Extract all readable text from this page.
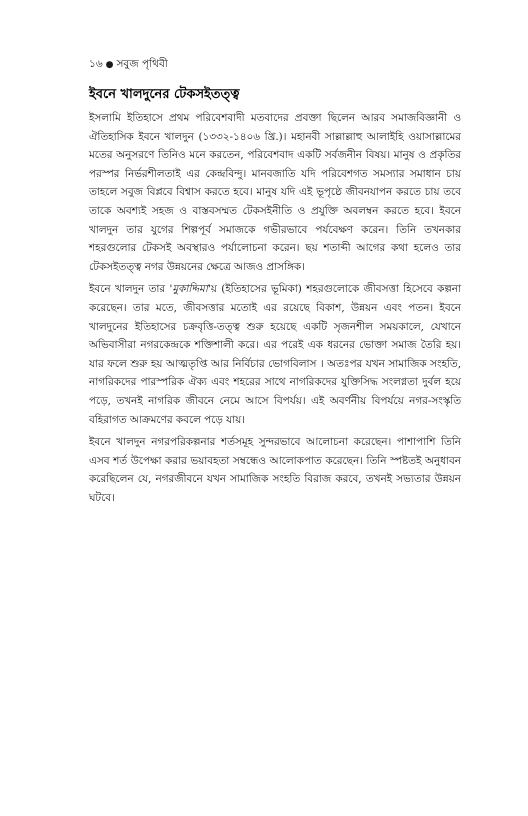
১৬ ● সবুজ পৃথিবী
ইবনে খালদুনের টেকসইতত্ত্ব

ইসলামি ইতিহাসে প্রথম পরিবেশবাদী মতবাদের প্রবক্তা ছিলেন আরব সমাজবিজ্ঞানী ও ঐতিহাসিক ইবনে খালদুন (১৩৩২-১৪০৬ খ্রি.)। মহানবী সাল্লাল্লাহু আলাইহি ওয়াসাল্লামের মতের অনুসরণে তিনিও মনে করতেন, পরিবেশবাদ একটি সর্বজনীন বিষয়। মানুষ ও প্রকৃতির পরস্পর নির্ভরশীলতাই এর কেন্দ্রবিন্দু। মানবজাতি যদি পরিবেশগত সমস্যার সমাধান চায় তাহলে সবুজ বিপ্লবে বিশ্বাস করতে হবে। মানুষ যদি এই ভূপৃষ্ঠে জীবনযাপন করতে চায় তবে তাকে অবশ্যই সহজ ও বাস্তবসম্মত টেকসইনীতি ও প্রযুক্তি অবলম্বন করতে হবে। ইবনে খালদুন তার যুগের শিল্পপূর্ব সমাজকে গভীরভাবে পর্যবেক্ষণ করেন। তিনি তখনকার শহরগুলোর টেকসই অবস্থারও পর্যালোচনা করেন। ছয় শতাব্দী আগের কথা হলেও তার টেকসইতত্ত্ব নগর উন্নয়নের ক্ষেত্রে আজও প্রাসঙ্গিক।

ইবনে খালদুন তার 'মুকাদ্দিমা'য় (ইতিহাসের ভূমিকা) শহরগুলোকে জীবসত্তা হিসেবে কল্পনা করেছেন। তার মতে, জীবসত্তার মতোই এর রয়েছে বিকাশ, উন্নয়ন এবং পতন। ইবনে খালদুনের ইতিহাসের চক্রবৃত্তি-তত্ত্ব শুরু হয়েছে একটি সৃজনশীল সময়কালে, যেখানে অভিবাসীরা নগরকেন্দ্রকে শক্তিশালী করে। এর পরেই এক ধরনের ভোক্তা সমাজ তৈরি হয়। যার ফলে শুরু হয় আত্মতৃপ্তি আর নির্বিচার ভোগবিলাস । অতঃপর যখন সামাজিক সংহতি, নাগরিকদের পারস্পরিক ঐক্য এবং শহরের সাথে নাগরিকদের যুক্তিসিদ্ধ সংলগ্নতা দুর্বল হয়ে পড়ে, তখনই নাগরিক জীবনে নেমে আসে বিপর্যয়। এই অবর্ণনীয় বিপর্যয়ে নগর-সংস্কৃতি বহিরাগত আক্রমণের কবলে পড়ে যায়।

ইবনে খালদুন নগরপরিকল্পনার শর্তসমূহ সুন্দরভাবে আলোচনা করেছেন। পাশাপাশি তিনি এসব শর্ত উপেক্ষা করার ভয়াবহতা সম্বন্ধেও আলোকপাত করেছেন। তিনি স্পষ্টতই অনুধাবন করেছিলেন যে, নগরজীবনে যখন সামাজিক সংহতি বিরাজ করবে, তখনই সভ্যতার উন্নয়ন ঘটবে।
